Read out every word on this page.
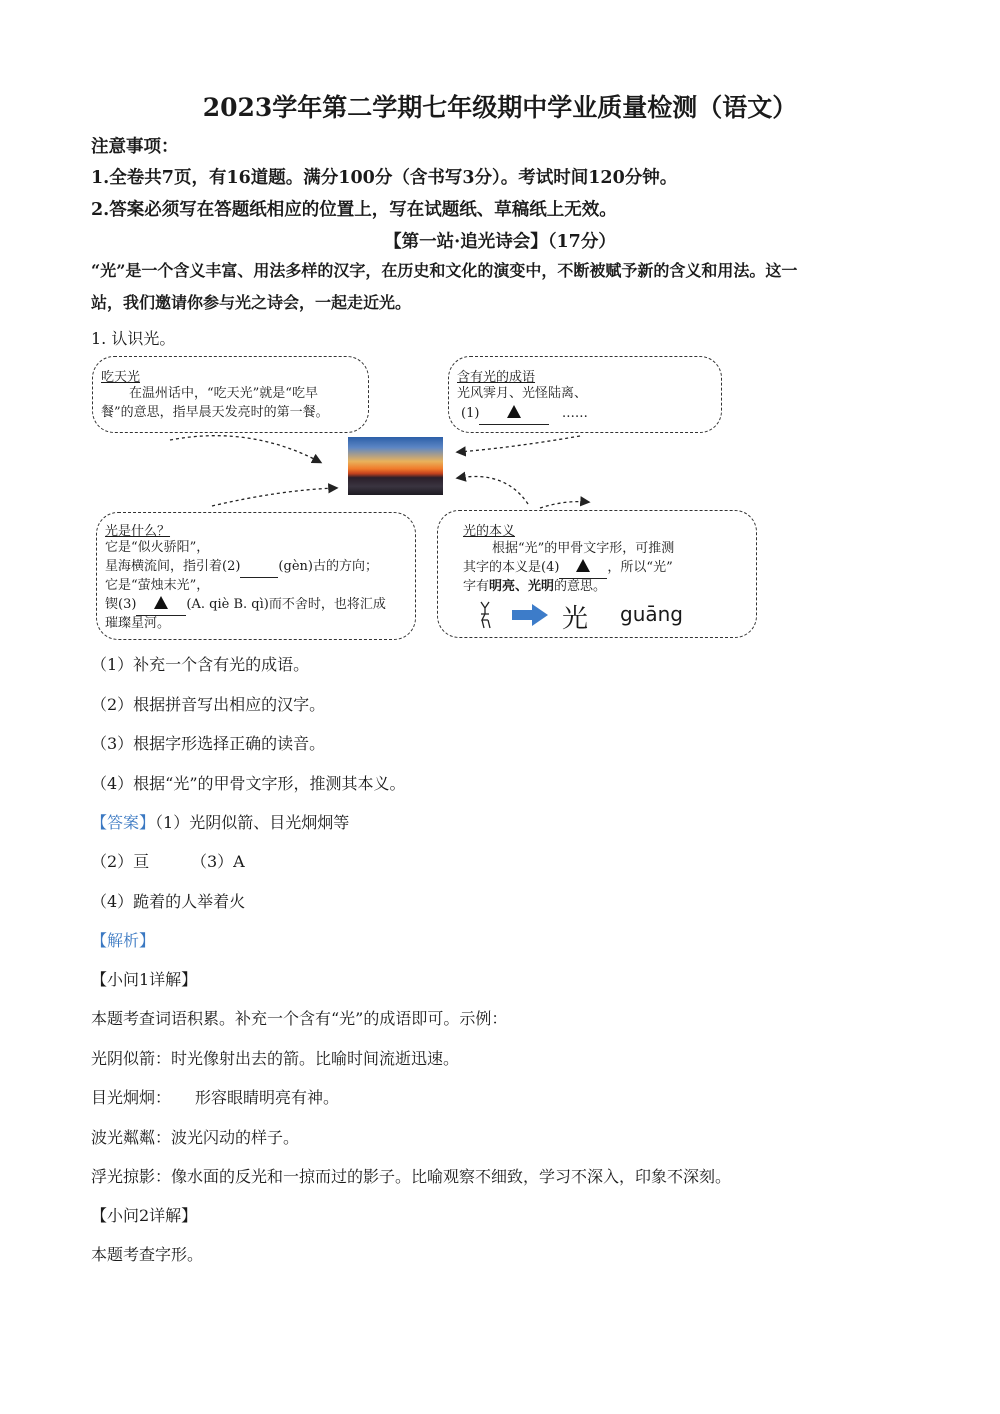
2023学年第二学期七年级期中学业质量检测（语文）
注意事项：
1.全卷共7页，有16道题。满分100分（含书写3分）。考试时间120分钟。
2.答案必须写在答题纸相应的位置上，写在试题纸、草稿纸上无效。
【第一站·追光诗会】（17分）
“光”是一个含义丰富、用法多样的汉字，在历史和文化的演变中，不断被赋予新的含义和用法。这一
站，我们邀请你参与光之诗会，一起走近光。
1. 认识光。
吃天光
在温州话中，“吃天光”就是“吃早
餐”的意思，指早晨天发亮时的第一餐。
含有光的成语
光风霁月、光怪陆离、
(1)	……
光是什么？
它是“似火骄阳”，
星海横流间，指引着(2)	(gèn)古的方向；
它是“萤烛末光”，
锲(3)	(A. qiè B. qì)而不舍时，也将汇成
璀璨星河。
光的本义
根据“光”的甲骨文字形，可推测
其字的本义是(4)	，所以“光”
字有明亮、光明的意思。
光 guāng
（1）补充一个含有光的成语。
（2）根据拼音写出相应的汉字。
（3）根据字形选择正确的读音。
（4）根据“光”的甲骨文字形，推测其本义。
【答案】（1）光阴似箭、目光炯炯等
（2）亘	（3）A
（4）跪着的人举着火
【解析】
【小问1详解】
本题考查词语积累。补充一个含有“光”的成语即可。示例：
光阴似箭：时光像射出去的箭。比喻时间流逝迅速。
目光炯炯： 形容眼睛明亮有神。
波光粼粼：波光闪动的样子。
浮光掠影：像水面的反光和一掠而过的影子。比喻观察不细致，学习不深入，印象不深刻。
【小问2详解】
本题考查字形。
